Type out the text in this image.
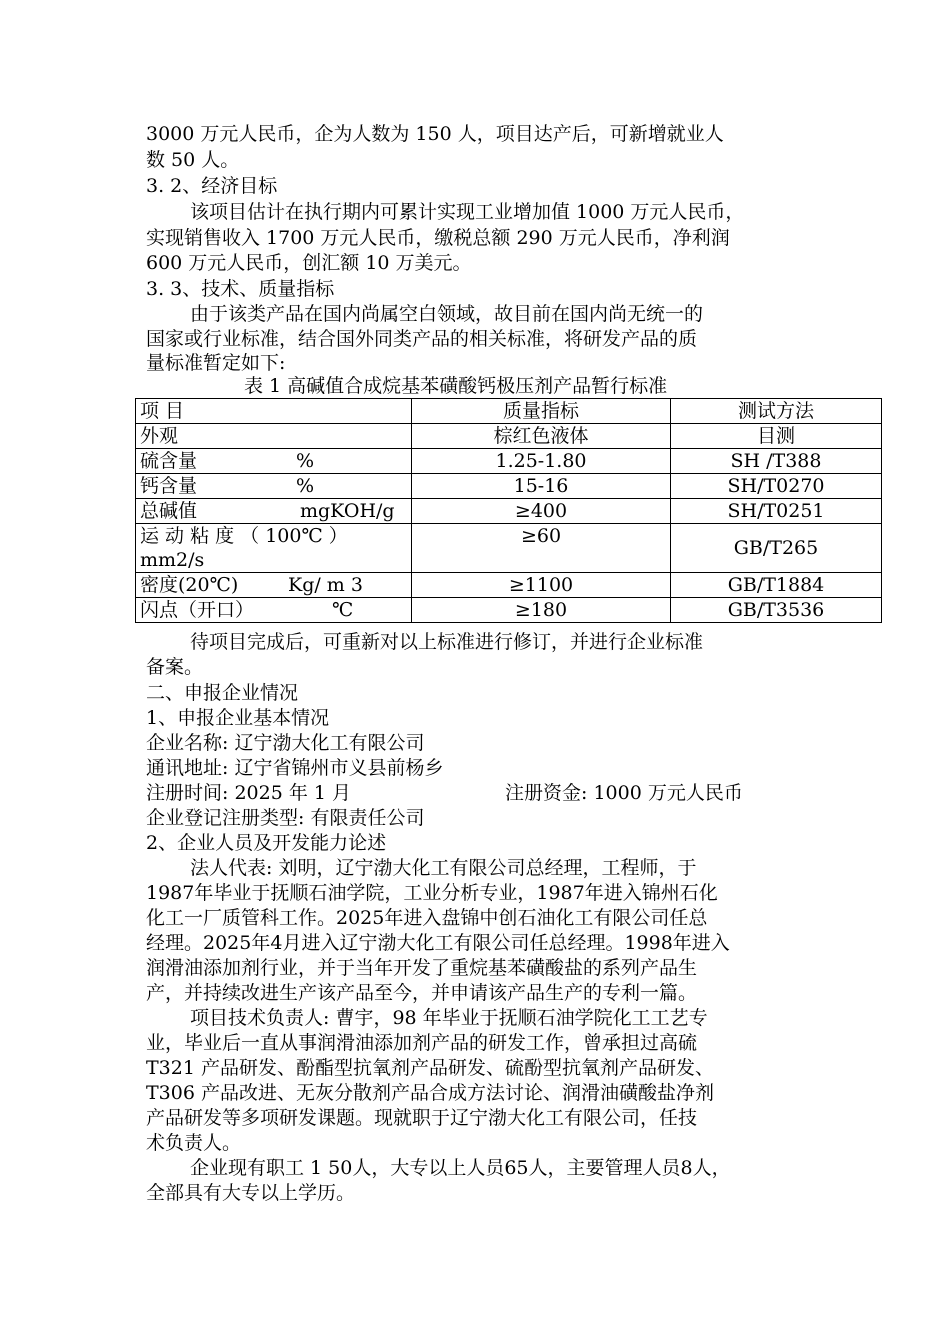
3000 万元人民币，企为人数为 150 人，项目达产后，可新增就业人
数 50 人。
3. 2、经济目标
该项目估计在执行期内可累计实现工业增加值 1000 万元人民币，
实现销售收入 1700 万元人民币，缴税总额 290 万元人民币，净利润
600 万元人民币，创汇额 10 万美元。
3. 3、技术、质量指标
由于该类产品在国内尚属空白领域，故目前在国内尚无统一的
国家或行业标准，结合国外同类产品的相关标准，将研发产品的质
量标准暂定如下:
表 1 高碱值合成烷基苯磺酸钙极压剂产品暂行标准
项 目	质量指标	测试方法
外观	棕红色液体	目测
硫含量 %	1.25-1.80	SH /T388
钙含量 %	15-16	SH/T0270
总碱值 mgKOH/g	≥400	SH/T0251

运 动 粘 度 （ 100℃ ）
mm2/s	≥60	GB/T265
密度(20℃) Kg/ m 3	≥1100	GB/T1884
闪点（开口） ℃	≥180	GB/T3536
待项目完成后，可重新对以上标准进行修订，并进行企业标准
备案。
二、申报企业情况
1、申报企业基本情况
企业名称: 辽宁渤大化工有限公司
通讯地址: 辽宁省锦州市义县前杨乡
注册时间: 2025 年 1 月	注册资金: 1000 万元人民币
企业登记注册类型: 有限责任公司
2、企业人员及开发能力论述
法人代表: 刘明，辽宁渤大化工有限公司总经理，工程师，于
1987年毕业于抚顺石油学院，工业分析专业，1987年进入锦州石化
化工一厂质管科工作。2025年进入盘锦中创石油化工有限公司任总
经理。2025年4月进入辽宁渤大化工有限公司任总经理。1998年进入
润滑油添加剂行业，并于当年开发了重烷基苯磺酸盐的系列产品生
产，并持续改进生产该产品至今，并申请该产品生产的专利一篇。
项目技术负责人: 曹宇，98 年毕业于抚顺石油学院化工工艺专
业，毕业后一直从事润滑油添加剂产品的研发工作，曾承担过高硫
T321 产品研发、酚酯型抗氧剂产品研发、硫酚型抗氧剂产品研发、
T306 产品改进、无灰分散剂产品合成方法讨论、润滑油磺酸盐净剂
产品研发等多项研发课题。现就职于辽宁渤大化工有限公司，任技
术负责人。
企业现有职工 1 50人，大专以上人员65人，主要管理人员8人，
全部具有大专以上学历。
